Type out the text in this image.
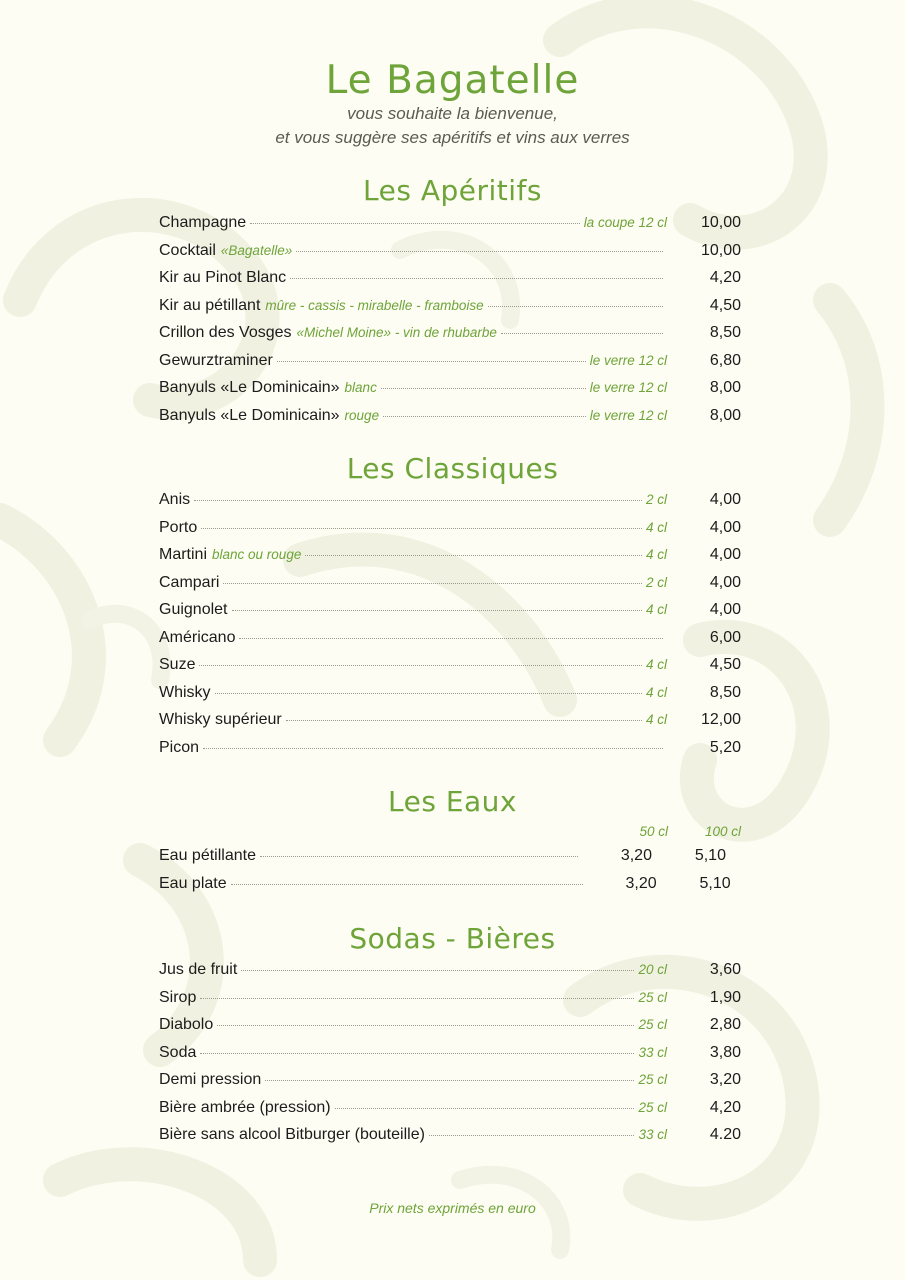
Le Bagatelle
vous souhaite la bienvenue,
et vous suggère ses apéritifs et vins aux verres
Les Apéritifs
Champagne	la coupe 12 cl	10,00
Cocktail «Bagatelle»	10,00
Kir au Pinot Blanc	4,20
Kir au pétillant mûre - cassis - mirabelle - framboise	4,50
Crillon des Vosges «Michel Moine» - vin de rhubarbe	8,50
Gewurztraminer	le verre 12 cl	6,80
Banyuls «Le Dominicain» blanc	le verre 12 cl	8,00
Banyuls «Le Dominicain» rouge	le verre 12 cl	8,00
Les Classiques
Anis	2 cl	4,00
Porto	4 cl	4,00
Martini blanc ou rouge	4 cl	4,00
Campari	2 cl	4,00
Guignolet	4 cl	4,00
Américano	6,00
Suze	4 cl	4,50
Whisky	4 cl	8,50
Whisky supérieur	4 cl	12,00
Picon	5,20
Les Eaux
50 cl	100 cl
Eau pétillante	3,20	5,10
Eau plate	3,20	5,10
Sodas - Bières
Jus de fruit	20 cl	3,60
Sirop	25 cl	1,90
Diabolo	25 cl	2,80
Soda	33 cl	3,80
Demi pression	25 cl	3,20
Bière ambrée (pression)	25 cl	4,20
Bière sans alcool Bitburger (bouteille)	33 cl	4.20
Prix nets exprimés en euro
